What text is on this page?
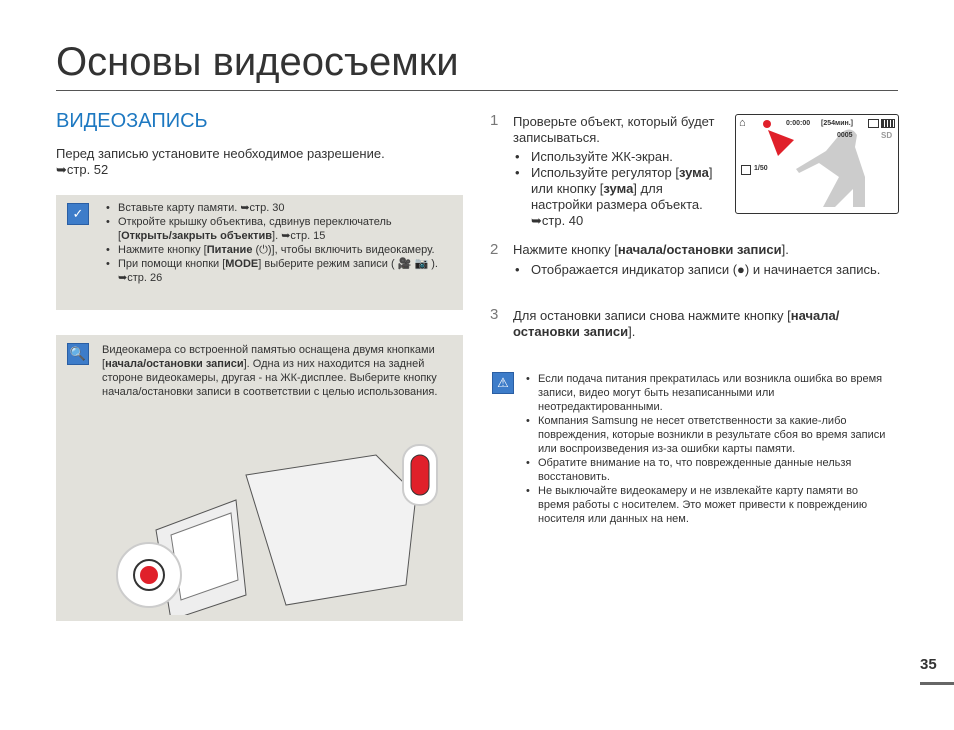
Основы видеосъемки
ВИДЕОЗАПИСЬ
Перед записью установите необходимое разрешение.
➥стр. 52
✓	• Вставьте карту памяти. ➥стр. 30
• Откройте крышку объектива, сдвинув переключатель [Открыть/закрыть объектив]. ➥стр. 15
• Нажмите кнопку [Питание (⏻)], чтобы включить видеокамеру.
• При помощи кнопки [MODE] выберите режим записи ( 🎥 📷 ). ➥стр. 26
🔍 Видеокамера со встроенной памятью оснащена двумя кнопками [начала/остановки записи]. Одна из них находится на задней стороне видеокамеры, другая - на ЖК-дисплее. Выберите кнопку начала/остановки записи в соответствии с целью использования.
1 Проверьте объект, который будет записываться.
• Используйте ЖК-экран.
• Используйте регулятор [зума] или кнопку [зума] для настройки размера объекта. ➥стр. 40
⌂	0:00:00 [254мин.]
0005	SD
1/50
2 Нажмите кнопку [начала/остановки записи].
• Отображается индикатор записи (●) и начинается запись.
3 Для остановки записи снова нажмите кнопку [начала/ остановки записи].
⚠	• Если подача питания прекратилась или возникла ошибка во время записи, видео могут быть незаписанными или неотредактированными.
• Компания Samsung не несет ответственности за какие-либо повреждения, которые возникли в результате сбоя во время записи или воспроизведения из-за ошибки карты памяти.
• Обратите внимание на то, что поврежденные данные нельзя восстановить.
• Не выключайте видеокамеру и не извлекайте карту памяти во время работы с носителем. Это может привести к повреждению носителя или данных на нем.
35
